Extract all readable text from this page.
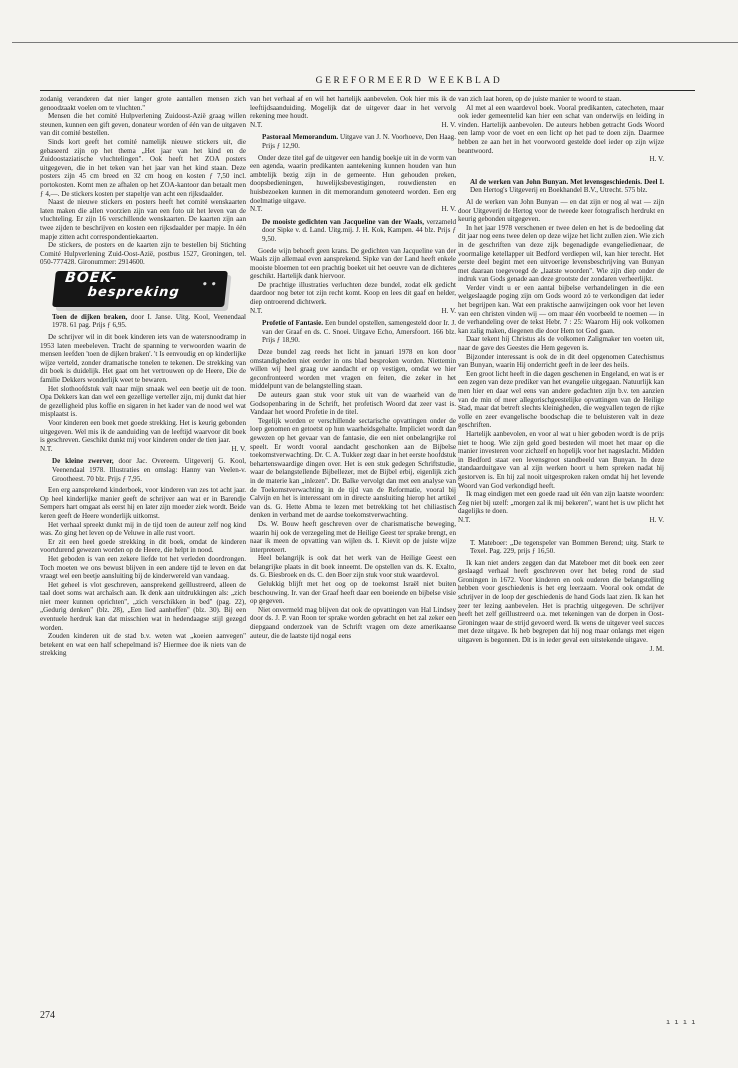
GEREFORMEERD WEEKBLAD

zodanig veranderen dat nier langer grote aantallen mensen zich genoodzaakt voelen om te vluchten."

Mensen die het comité Hulpverlening Zuidoost-Azië graag willen steunen, kunnen een gift geven, donateur worden of één van de uitgaven van dit comité bestellen.

Sinds kort geeft het comité namelijk nieuwe stickers uit, die gebaseerd zijn op het thema „Het jaar van het kind en de Zuidoostaziatische vluchtelingen". Ook heeft het ZOA posters uitgegeven, die in het teken van het jaar van het kind staan. Deze posters zijn 45 cm breed en 32 cm hoog en kosten ƒ 7,50 incl. portokosten. Komt men ze afhalen op het ZOA-kantoor dan betaalt men ƒ 4,—. De stickers kosten per stapeltje van acht een rijksdaalder.

Naast de nieuwe stickers en posters heeft het comité wenskaarten laten maken die allen voorzien zijn van een foto uit het leven van de vluchteling. Er zijn 16 verschillende wenskaarten. De kaarten zijn aan twee zijden te beschrijven en kosten een rijksdaalder per mapje. In één mapje zitten acht correspondentiekaarten.

De stickers, de posters en de kaarten zijn te bestellen bij Stichting Comité Hulpverlening Zuid-Oost-Azië, postbus 1527, Groningen, tel. 050-777428. Gironummer: 2914600.

BOEK-
bespreking • •
Toen de dijken braken, door I. Janse. Uitg. Kool, Veenendaal 1978. 61 pag. Prijs ƒ 6,95.

De schrijver wil in dit boek kinderen iets van de watersnoodramp in 1953 laten meebeleven. Tracht de spanning te verwoorden waarin de mensen leefden 'toen de dijken braken'. 't Is eenvoudig en op kinderlijke wijze verteld, zonder dramatische tonelen te tekenen. De strekking van dit boek is duidelijk. Het gaat om het vertrouwen op de Heere, Die de familie Dekkers wonderlijk weet te bewaren.

Het slothoofdstuk valt naar mijn smaak wel een beetje uit de toon. Opa Dekkers kan dan wel een gezellige verteller zijn, mij dunkt dat hier de gezelligheid plus koffie en sigaren in het kader van de nood wel wat misplaatst is.

Voor kinderen een boek met goede strekking. Het is keurig gebonden uitgegeven. Wel mis ik de aanduiding van de leeftijd waarvoor dit boek is geschreven. Geschikt dunkt mij voor kinderen onder de tien jaar.

N.T.	H. V.
De kleine zwerver, door Jac. Overeem. Uitgeverij G. Kool, Veenendaal 1978. Illustraties en omslag: Hanny van Veelen-v. Grootheest. 70 blz. Prijs ƒ 7,95.

Een erg aansprekend kinderboek, voor kinderen van zes tot acht jaar. Op heel kinderlijke manier geeft de schrijver aan wat er in Barendje Sempers hart omgaat als eerst hij en later zijn moeder ziek wordt. Beide keren geeft de Heere wonderlijk uitkomst.

Het verhaal spreekt dunkt mij in de tijd toen de auteur zelf nog kind was. Zo ging het leven op de Veluwe in alle rust voort.

Er zit een heel goede strekking in dit boek, omdat de kinderen voortdurend gewezen worden op de Heere, die helpt in nood.

Het geboden is van een zekere liefde tot het verleden doordrongen. Toch moeten we ons bewust blijven in een andere tijd te leven en dat vraagt wel een beetje aansluiting bij de kinderwereld van vandaag.

Het geheel is vlot geschreven, aansprekend geïllustreerd, alleen de taal doet soms wat archaïsch aan. Ik denk aan uitdrukkingen als: „zich niet meer kunnen oprichten", „zich verschikken in bed" (pag. 22), „Gedurig denken" (blz. 28), „Een lied aanheffen" (blz. 30). Bij een eventuele herdruk kan dat misschien wat in hedendaagse stijl gezegd worden.

Zouden kinderen uit de stad b.v. weten wat „koeien aanvegen" betekent en wat een half schepelmand is? Hiermee doe ik niets van de strekking

van het verhaal af en wil het hartelijk aanbevelen. Ook hier mis ik de leeftijdsaanduiding. Mogelijk dat de uitgever daar in het vervolg rekening mee houdt.

N.T.	H. V.
Pastoraal Memorandum. Uitgave van J. N. Voorhoeve, Den Haag. Prijs ƒ 12,90.

Onder deze titel gaf de uitgever een handig boekje uit in de vorm van een agenda, waarin predikanten aantekening kunnen houden van hun ambtelijk bezig zijn in de gemeente. Hun gehouden preken, doopsbedieningen, huwelijksbevestigingen, rouwdiensten en huisbezoeken kunnen in dit memorandum genoteerd worden. Een erg doelmatige uitgave.

N.T.	H. V.
De mooiste gedichten van Jacqueline van der Waals, verzameld door Sipke v. d. Land. Uitg.mij. J. H. Kok, Kampen. 44 blz. Prijs ƒ 9,50.

Goede wijn behoeft geen krans. De gedichten van Jacqueline van der Waals zijn allemaal even aansprekend. Sipke van der Land heeft enkele mooiste bloemen tot een prachtig boeket uit het oeuvre van de dichteres geschikt. Hartelijk dank hiervoor.

De prachtige illustraties verluchten deze bundel, zodat elk gedicht daardoor nog beter tot zijn recht komt. Koop en lees dit gaaf en helder, diep ontroerend dichtwerk.

N.T.	H. V.
Profetie of Fantasie. Een bundel opstellen, samengesteld door Ir. J. van der Graaf en ds. C. Snoei. Uitgave Echo, Amersfoort. 166 blz. Prijs ƒ 18,90.

Deze bundel zag reeds het licht in januari 1978 en kon door omstandigheden niet eerder in ons blad besproken worden. Niettemin willen wij heel graag uw aandacht er op vestigen, omdat we hier geconfronteerd worden met vragen en feiten, die zeker in het middelpunt van de belangstelling staan.

De auteurs gaan stuk voor stuk uit van de waarheid van de Godsopenbaring in de Schrift, het profetisch Woord dat zeer vast is. Vandaar het woord Profetie in de titel.

Tegelijk worden er verschillende sectarische opvattingen onder de loep genomen en getoetst op hun waarheidsgehalte. Impliciet wordt dan gewezen op het gevaar van de fantasie, die een niet onbelangrijke rol speelt. Er wordt vooral aandacht geschonken aan de Bijbelse toekomstverwachting. Dr. C. A. Tukker zegt daar in het eerste hoofdstuk behartenswaardige dingen over. Het is een stuk gedegen Schriftstudie, waar de belangstellende Bijbellezer, met de Bijbel erbij, eigenlijk zich in de materie kan „inlezen". Dr. Balke vervolgt dan met een analyse van de Toekomstverwachting in de tijd van de Reformatie, vooral bij Calvijn en het is interessant om in directe aansluiting hierop het artikel van ds. G. Hette Abma te lezen met betrekking tot het chiliastisch denken in verband met de aardse toekomstverwachting.

Ds. W. Bouw heeft geschreven over de charismatische beweging, waarin hij ook de verzegeling met de Heilige Geest ter sprake brengt, en naar ik meen de opvatting van wijlen ds. I. Kievit op de juiste wijze interpreteert.

Heel belangrijk is ook dat het werk van de Heilige Geest een belangrijke plaats in dit boek inneemt. De opstellen van ds. K. Exalto, ds. G. Biesbroek en ds. C. den Boer zijn stuk voor stuk waardevol.

Gelukkig blijft met het oog op de toekomst Israël niet buiten beschouwing. Ir. van der Graaf heeft daar een boeiende en bijbelse visie op gegeven.

Niet onvermeld mag blijven dat ook de opvattingen van Hal Lindsey door ds. J. P. van Roon ter sprake worden gebracht en het zal zeker een diepgaand onderzoek van de Schrift vragen om deze amerikaanse auteur, die de laatste tijd nogal eens

van zich laat horen, op de juiste manier te woord te staan.

Al met al een waardevol boek. Vooral predikanten, catecheten, maar ook ieder gemeentelid kan hier een schat van onderwijs en leiding in vinden. Hartelijk aanbevolen. De auteurs hebben getracht Gods Woord een lamp voor de voet en een licht op het pad te doen zijn. Daarmee hebben ze aan het in het voorwoord gestelde doel ieder op zijn wijze beantwoord.

H. V.
Al de werken van John Bunyan. Met levensgeschiedenis. Deel I. Den Hertog's Uitgeverij en Boekhandel B.V., Utrecht. 575 blz.

Al de werken van John Bunyan — en dat zijn er nog al wat — zijn door Uitgeverij de Hertog voor de tweede keer fotografisch herdrukt en keurig gebonden uitgegeven.

In het jaar 1978 verschenen er twee delen en het is de bedoeling dat dit jaar nog eens twee delen op deze wijze het licht zullen zien. Wie zich in de geschriften van deze zijk begenadigde evangeliedienaar, de voormalige ketellapper uit Bedford verdiepen wil, kan hier terecht. Het eerste deel begint met een uitvoerige levensbeschrijving van Bunyan met daaraan toegevoegd de „laatste woorden". Wie zijn diep onder de indruk van Gods genade aan deze grootste der zondaren verheerlijkt.

Verder vindt u er een aantal bijbelse verhandelingen in die een welgeslaagde poging zijn om Gods woord zó te verkondigen dat ieder het begrijpen kan. Wat een praktische aanwijzingen ook voor het leven van een christen vinden wij — om maar één voorbeeld te noemen — in de verhandeling over de tekst Hebr. 7 : 25: Waarom Hij ook volkomen kan zalig maken, diegenen die door Hem tot God gaan.

Daar tekent hij Christus als de volkomen Zaligmaker ten voeten uit, naar de gave des Geestes die Hem gegeven is.

Bijzonder interessant is ook de in dit deel opgenomen Catechismus van Bunyan, waarin Hij onderricht geeft in de leer des heils.

Een groot licht heeft in die dagen geschenen in Engeland, en wat is er een zegen van deze prediker van het evangelie uitgegaan. Natuurlijk kan men hier en daar wel eens van andere gedachten zijn b.v. ten aanzien van de min of meer allegorischgeestelijke opvattingen van de Heilige Stad, maar dat betreft slechts kleinigheden, die wegvallen tegen de rijke volle en zeer evangelische boodschap die te beluisteren valt in deze geschriften.

Hartelijk aanbevolen, en voor al wat u hier geboden wordt is de prijs niet te hoog. Wie zijn geld goed besteden wil moet het maar op die manier investeren voor zichzelf en hopelijk voor het nageslacht. Midden in Bedford staat een levensgroot standbeeld van Bunyan. In deze standaarduitgave van al zijn werken hoort u hem spreken nadat hij gestorven is. En hij zal nooit uitgesproken raken omdat hij het levende Woord van God verkondigd heeft.

Ik mag eindigen met een goede raad uit één van zijn laatste woorden: Zeg niet bij uzelf: „morgen zal ik mij bekeren", want het is uw plicht het dagelijks te doen.

N.T.	H. V.
T. Mateboer: „De tegenspeler van Bommen Berend; uitg. Stark te Texel. Pag. 229, prijs ƒ 16,50.

Ik kan niet anders zeggen dan dat Mateboer met dit boek een zeer geslaagd verhaal heeft geschreven over het beleg rond de stad Groningen in 1672. Voor kinderen en ook ouderen die belangstelling hebben voor geschiedenis is het erg leerzaam. Vooral ook omdat de schrijver in de loop der geschiedenis de hand Gods laat zien. Ik kan het zeer ter lezing aanbevelen. Het is prachtig uitgegeven. De schrijver heeft het zelf geïllustreerd o.a. met tekeningen van de dorpen in Oost-Groningen waar de strijd gevoerd werd. Ik wens de uitgever veel succes met deze uitgave. Ik heb begrepen dat hij nog maar onlangs met eigen uitgaven is begonnen. Dit is in ieder geval een uitstekende uitgave.

J. M.
274
ı ı ı ı
